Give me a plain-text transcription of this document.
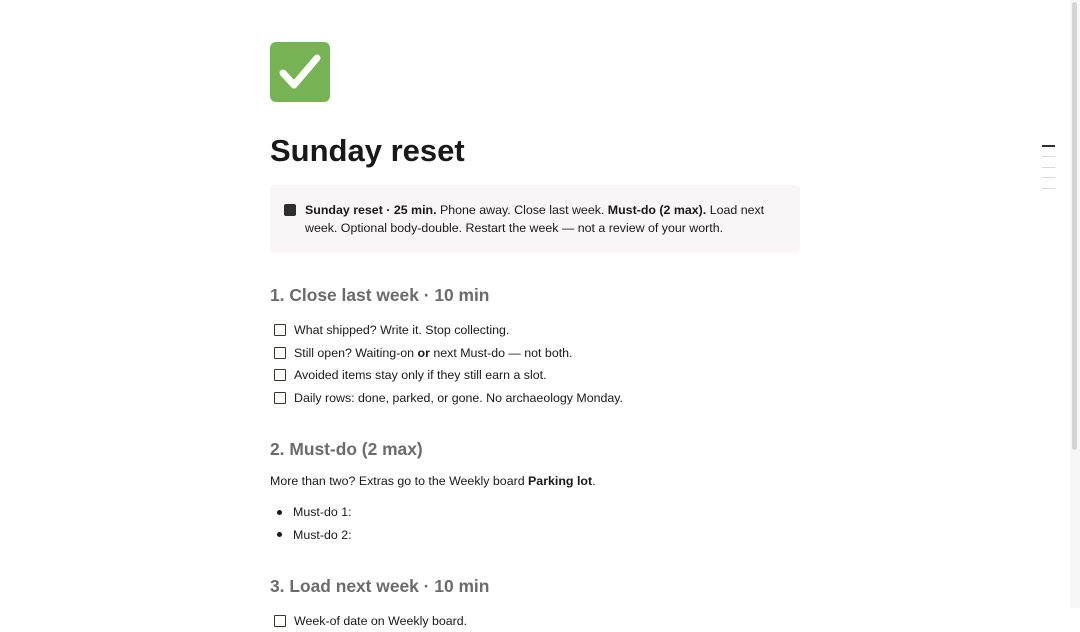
Sunday reset
Sunday reset · 25 min. Phone away. Close last week. Must-do (2 max). Load next week. Optional body-double. Restart the week — not a review of your worth.
1. Close last week · 10 min
What shipped? Write it. Stop collecting.
Still open? Waiting-on or next Must-do — not both.
Avoided items stay only if they still earn a slot.
Daily rows: done, parked, or gone. No archaeology Monday.
2. Must-do (2 max)
More than two? Extras go to the Weekly board Parking lot.
Must-do 1:
Must-do 2:
3. Load next week · 10 min
Week-of date on Weekly board.
